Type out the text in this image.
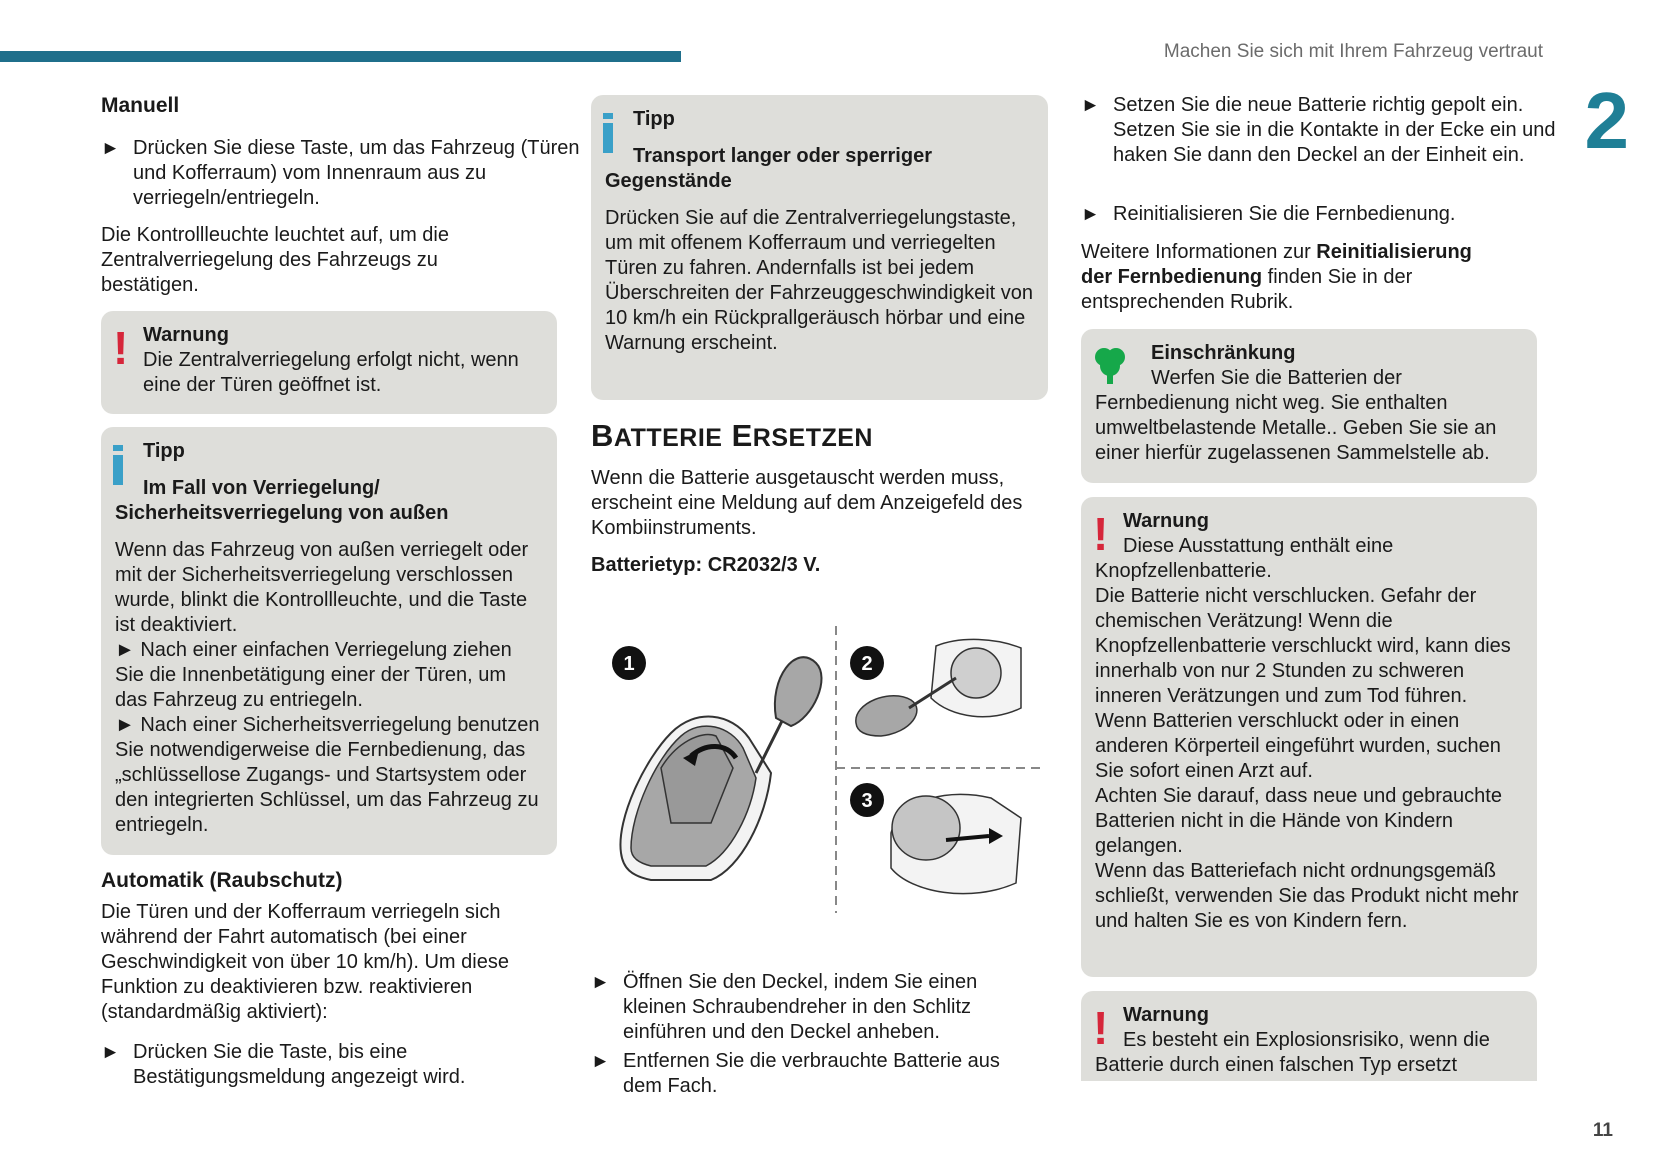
Machen Sie sich mit Ihrem Fahrzeug vertraut
2
11
Manuell
► Drücken Sie diese Taste, um das Fahrzeug (Türen und Kofferraum) vom Innenraum aus zu verriegeln/entriegeln.

Die Kontrollleuchte leuchtet auf, um die Zentralverriegelung des Fahrzeugs zu bestätigen.

! Warnung
Die Zentralverriegelung erfolgt nicht, wenn eine der Türen geöffnet ist.
Tipp
Im Fall von Verriegelung/
Sicherheitsverriegelung von außen

Wenn das Fahrzeug von außen verriegelt oder mit der Sicherheitsverriegelung verschlossen wurde, blinkt die Kontrollleuchte, und die Taste ist deaktiviert.

► Nach einer einfachen Verriegelung ziehen Sie die Innenbetätigung einer der Türen, um das Fahrzeug zu entriegeln.

► Nach einer Sicherheitsverriegelung benutzen Sie notwendigerweise die Fernbedienung, das „schlüssellose Zugangs- und Startsystem oder den integrierten Schlüssel, um das Fahrzeug zu entriegeln.

Automatik (Raubschutz)

Die Türen und der Kofferraum verriegeln sich während der Fahrt automatisch (bei einer Geschwindigkeit von über 10 km/h). Um diese Funktion zu deaktivieren bzw. reaktivieren (standardmäßig aktiviert):

► Drücken Sie die Taste, bis eine Bestätigungsmeldung angezeigt wird.
Tipp
Transport langer oder sperriger
Gegenstände

Drücken Sie auf die Zentralverriegelungstaste, um mit offenem Kofferraum und verriegelten Türen zu fahren. Andernfalls ist bei jedem Überschreiten der Fahrzeuggeschwindigkeit von 10 km/h ein Rückprallgeräusch hörbar und eine Warnung erscheint.

BATTERIE ERSETZEN

Wenn die Batterie ausgetauscht werden muss, erscheint eine Meldung auf dem Anzeigefeld des Kombiinstruments.

Batterietyp: CR2032/3 V.

1	2
3
► Öffnen Sie den Deckel, indem Sie einen kleinen Schraubendreher in den Schlitz einführen und den Deckel anheben.
► Entfernen Sie die verbrauchte Batterie aus dem Fach.
► Setzen Sie die neue Batterie richtig gepolt ein. Setzen Sie sie in die Kontakte in der Ecke ein und haken Sie dann den Deckel an der Einheit ein.
► Reinitialisieren Sie die Fernbedienung.

Weitere Informationen zur Reinitialisierung der Fernbedienung finden Sie in der entsprechenden Rubrik.

Einschränkung
Werfen Sie die Batterien der Fernbedienung nicht weg. Sie enthalten umweltbelastende Metalle.. Geben Sie sie an einer hierfür zugelassenen Sammelstelle ab.
! Warnung
Diese Ausstattung enthält eine Knopfzellenbatterie.
Die Batterie nicht verschlucken. Gefahr der chemischen Verätzung! Wenn die Knopfzellenbatterie verschluckt wird, kann dies innerhalb von nur 2 Stunden zu schweren inneren Verätzungen und zum Tod führen.
Wenn Batterien verschluckt oder in einen anderen Körperteil eingeführt wurden, suchen Sie sofort einen Arzt auf.
Achten Sie darauf, dass neue und gebrauchte Batterien nicht in die Hände von Kindern gelangen.
Wenn das Batteriefach nicht ordnungsgemäß schließt, verwenden Sie das Produkt nicht mehr und halten Sie es von Kindern fern.
! Warnung
Es besteht ein Explosionsrisiko, wenn die Batterie durch einen falschen Typ ersetzt
